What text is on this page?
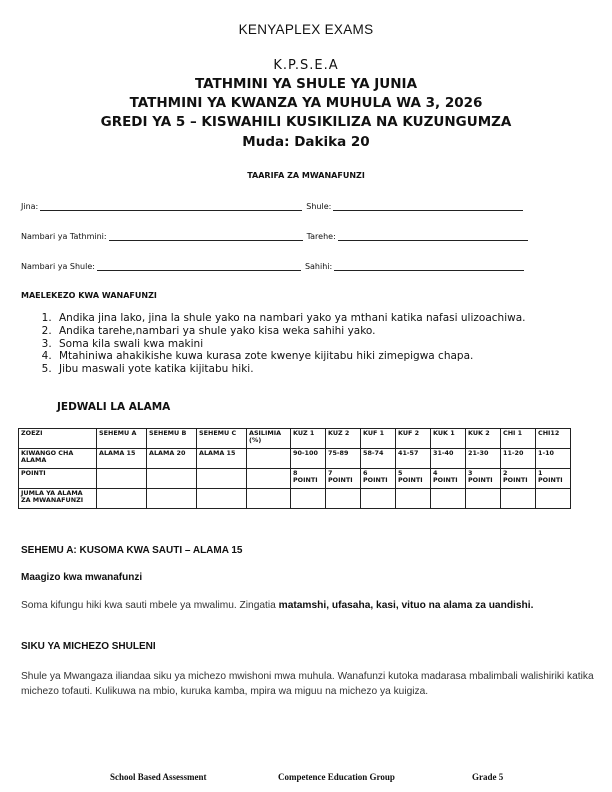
KENYAPLEX EXAMS
K.P.S.E.A
TATHMINI YA SHULE YA JUNIA
TATHMINI YA KWANZA YA MUHULA WA 3, 2026
GREDI YA 5 – KISWAHILI KUSIKILIZA NA KUZUNGUMZA
Muda: Dakika 20
TAARIFA ZA MWANAFUNZI
Jina:	Shule:
Nambari ya Tathmini:	Tarehe:
Nambari ya Shule:	Sahihi:
MAELEKEZO KWA WANAFUNZI
1. Andika jina lako, jina la shule yako na nambari yako ya mthani katika nafasi ulizoachiwa.
2. Andika tarehe,nambari ya shule yako kisa weka sahihi yako.
3. Soma kila swali kwa makini
4. Mtahiniwa ahakikishe kuwa kurasa zote kwenye kijitabu hiki zimepigwa chapa.
5. Jibu maswali yote katika kijitabu hiki.
JEDWALI LA ALAMA
ZOEZI	SEHEMU A	SEHEMU B	SEHEMU C	ASILIMIA (%)	KUZ 1	KUZ 2	KUF 1	KUF 2	KUK 1	KUK 2	CHI 1	CHI12
KIWANGO CHA ALAMA	ALAMA 15	ALAMA 20	ALAMA 15		90-100	75-89	58-74	41-57	31-40	21-30	11-20	1-10
POINTI					8 POINTI	7 POINTI	6 POINTI	5 POINTI	4 POINTI	3 POINTI	2 POINTI	1 POINTI
JUMLA YA ALAMA ZA MWANAFUNZI												
SEHEMU A: KUSOMA KWA SAUTI – ALAMA 15
Maagizo kwa mwanafunzi
Soma kifungu hiki kwa sauti mbele ya mwalimu. Zingatia matamshi, ufasaha, kasi, vituo na alama za uandishi.
SIKU YA MICHEZO SHULENI
Shule ya Mwangaza iliandaa siku ya michezo mwishoni mwa muhula. Wanafunzi kutoka madarasa mbalimbali walishiriki katika michezo tofauti. Kulikuwa na mbio, kuruka kamba, mpira wa miguu na michezo ya kuigiza.
School Based Assessment	Competence Education Group	Grade 5
